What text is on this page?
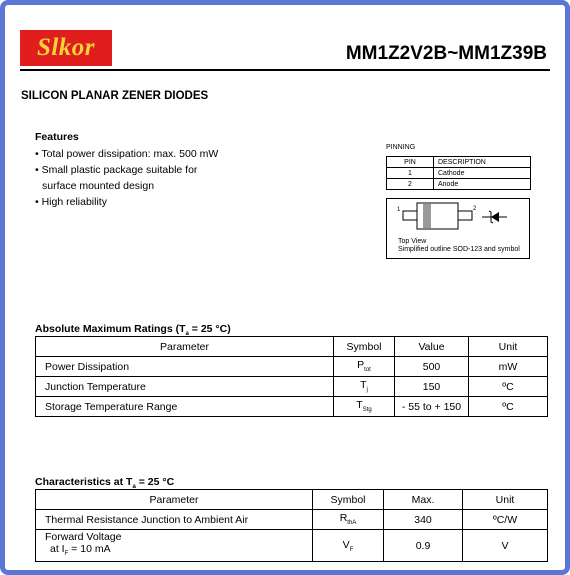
Slkor	MM1Z2V2B~MM1Z39B
SILICON PLANAR ZENER DIODES
Features
• Total power dissipation: max. 500 mW
• Small plastic package suitable for
surface mounted design
• High reliability
PINNING
PIN	DESCRIPTION
1	Cathode
2	Anode
1	2
Top View
Simplified outline SOD-123 and symbol
Absolute Maximum Ratings ($T_a = 25$ °C)
Parameter	Symbol	Value	Unit
Power Dissipation	$P_{tot}$	500	mW
Junction Temperature	$T_j$	150	ºC
Storage Temperature Range	$T_{Stg}$	- 55 to + 150	ºC
Characteristics at $T_a = 25$ °C
Parameter	Symbol	Max.	Unit
Thermal Resistance Junction to Ambient Air	$R_{thA}$	340	ºC/W

Forward Voltage
at $I_F = 10$ mA	$V_F$	0.9	V
